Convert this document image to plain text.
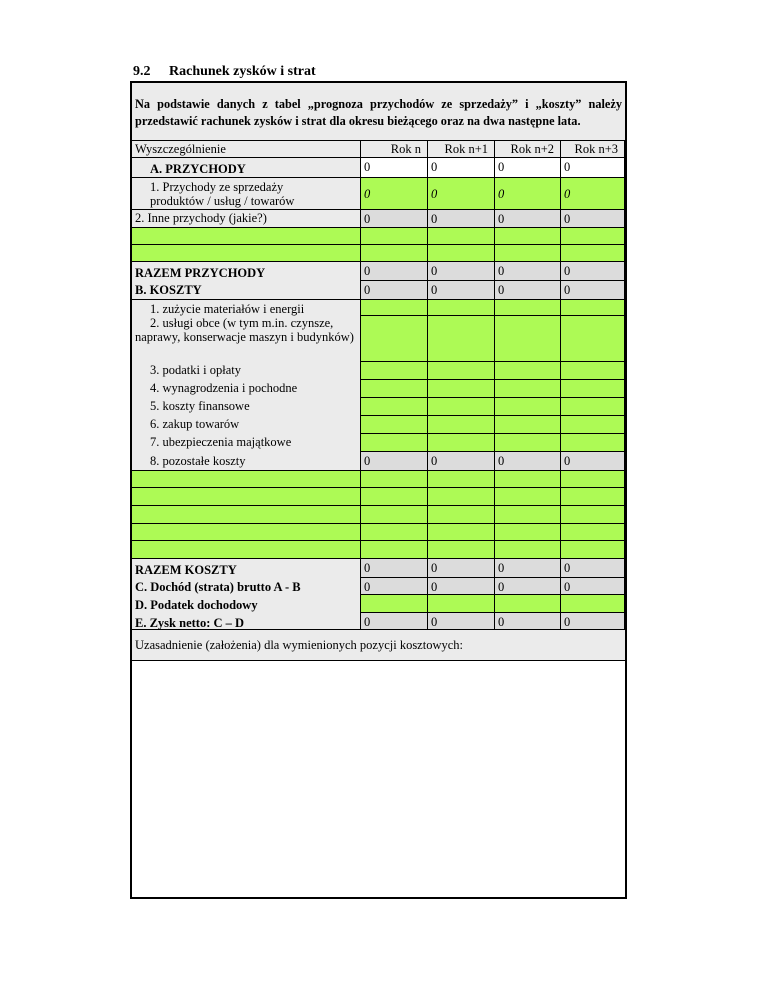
9.2 Rachunek zysków i strat
Na podstawie danych z tabel „prognoza przychodów ze sprzedaży” i „koszty” należy przedstawić rachunek zysków i strat dla okresu bieżącego oraz na dwa następne lata.
Wyszczególnienie	Rok n	Rok n+1	Rok n+2	Rok n+3
A. PRZYCHODY	0	0	0	0
1. Przychody ze sprzedaży produktów / usług / towarów	0	0	0	0
2. Inne przychody (jakie?)	0	0	0	0
RAZEM PRZYCHODY	0	0	0	0
B. KOSZTY	0	0	0	0
1. zużycie materiałów i energii
2. usługi obce (w tym m.in. czynsze, naprawy, konserwacje maszyn i budynków)
3. podatki i opłaty
4. wynagrodzenia i pochodne
5. koszty finansowe
6. zakup towarów
7. ubezpieczenia majątkowe
8. pozostałe koszty	0	0	0	0
RAZEM KOSZTY	0	0	0	0
C. Dochód (strata) brutto A - B	0	0	0	0
D. Podatek dochodowy
E. Zysk netto: C – D	0	0	0	0
Uzasadnienie (założenia) dla wymienionych pozycji kosztowych:
